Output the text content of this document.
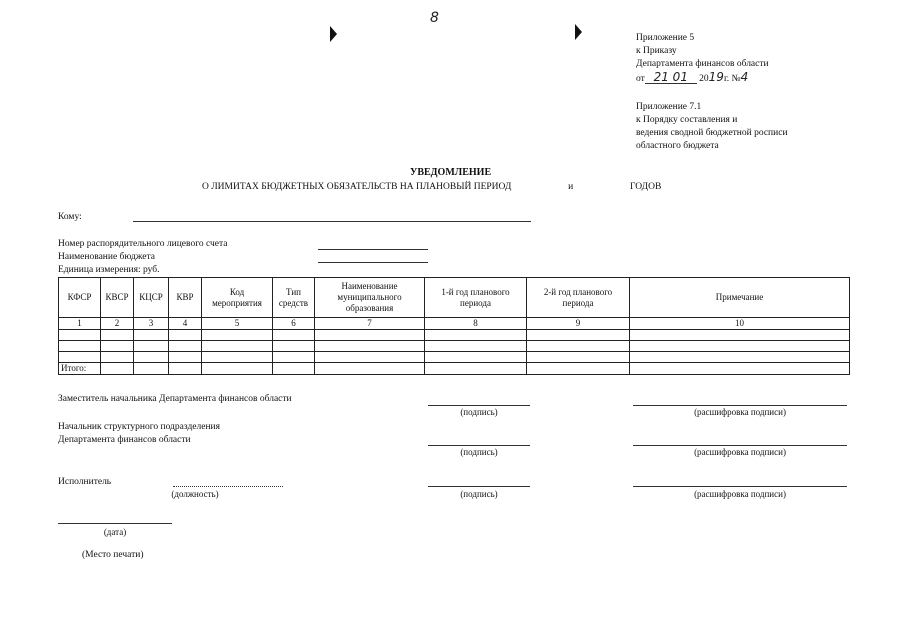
8
Приложение 5
к Приказу
Департамента финансов области
от 21 01 2019г. №4
Приложение 7.1
к Порядку составления и
ведения сводной бюджетной росписи
областного бюджета
УВЕДОМЛЕНИЕ
О ЛИМИТАХ БЮДЖЕТНЫХ ОБЯЗАТЕЛЬСТВ НА ПЛАНОВЫЙ ПЕРИОД	и	ГОДОВ
Кому:
Номер распорядительного лицевого счета
Наименование бюджета
Единица измерения: руб.
КФСР	КВСР	КЦСР	КВР	Код мероприятия	Тип средств	Наименование муниципального образования	1-й год планового периода	2-й год планового периода	Примечание
1	2	3	4	5	6	7	8	9	10

Итого:									
Заместитель начальника Департамента финансов области
(подпись)	(расшифровка подписи)
Начальник структурного подразделения
Департамента финансов области
(подпись)	(расшифровка подписи)
Исполнитель
(должность)	(подпись)	(расшифровка подписи)
(дата)
(Место печати)
